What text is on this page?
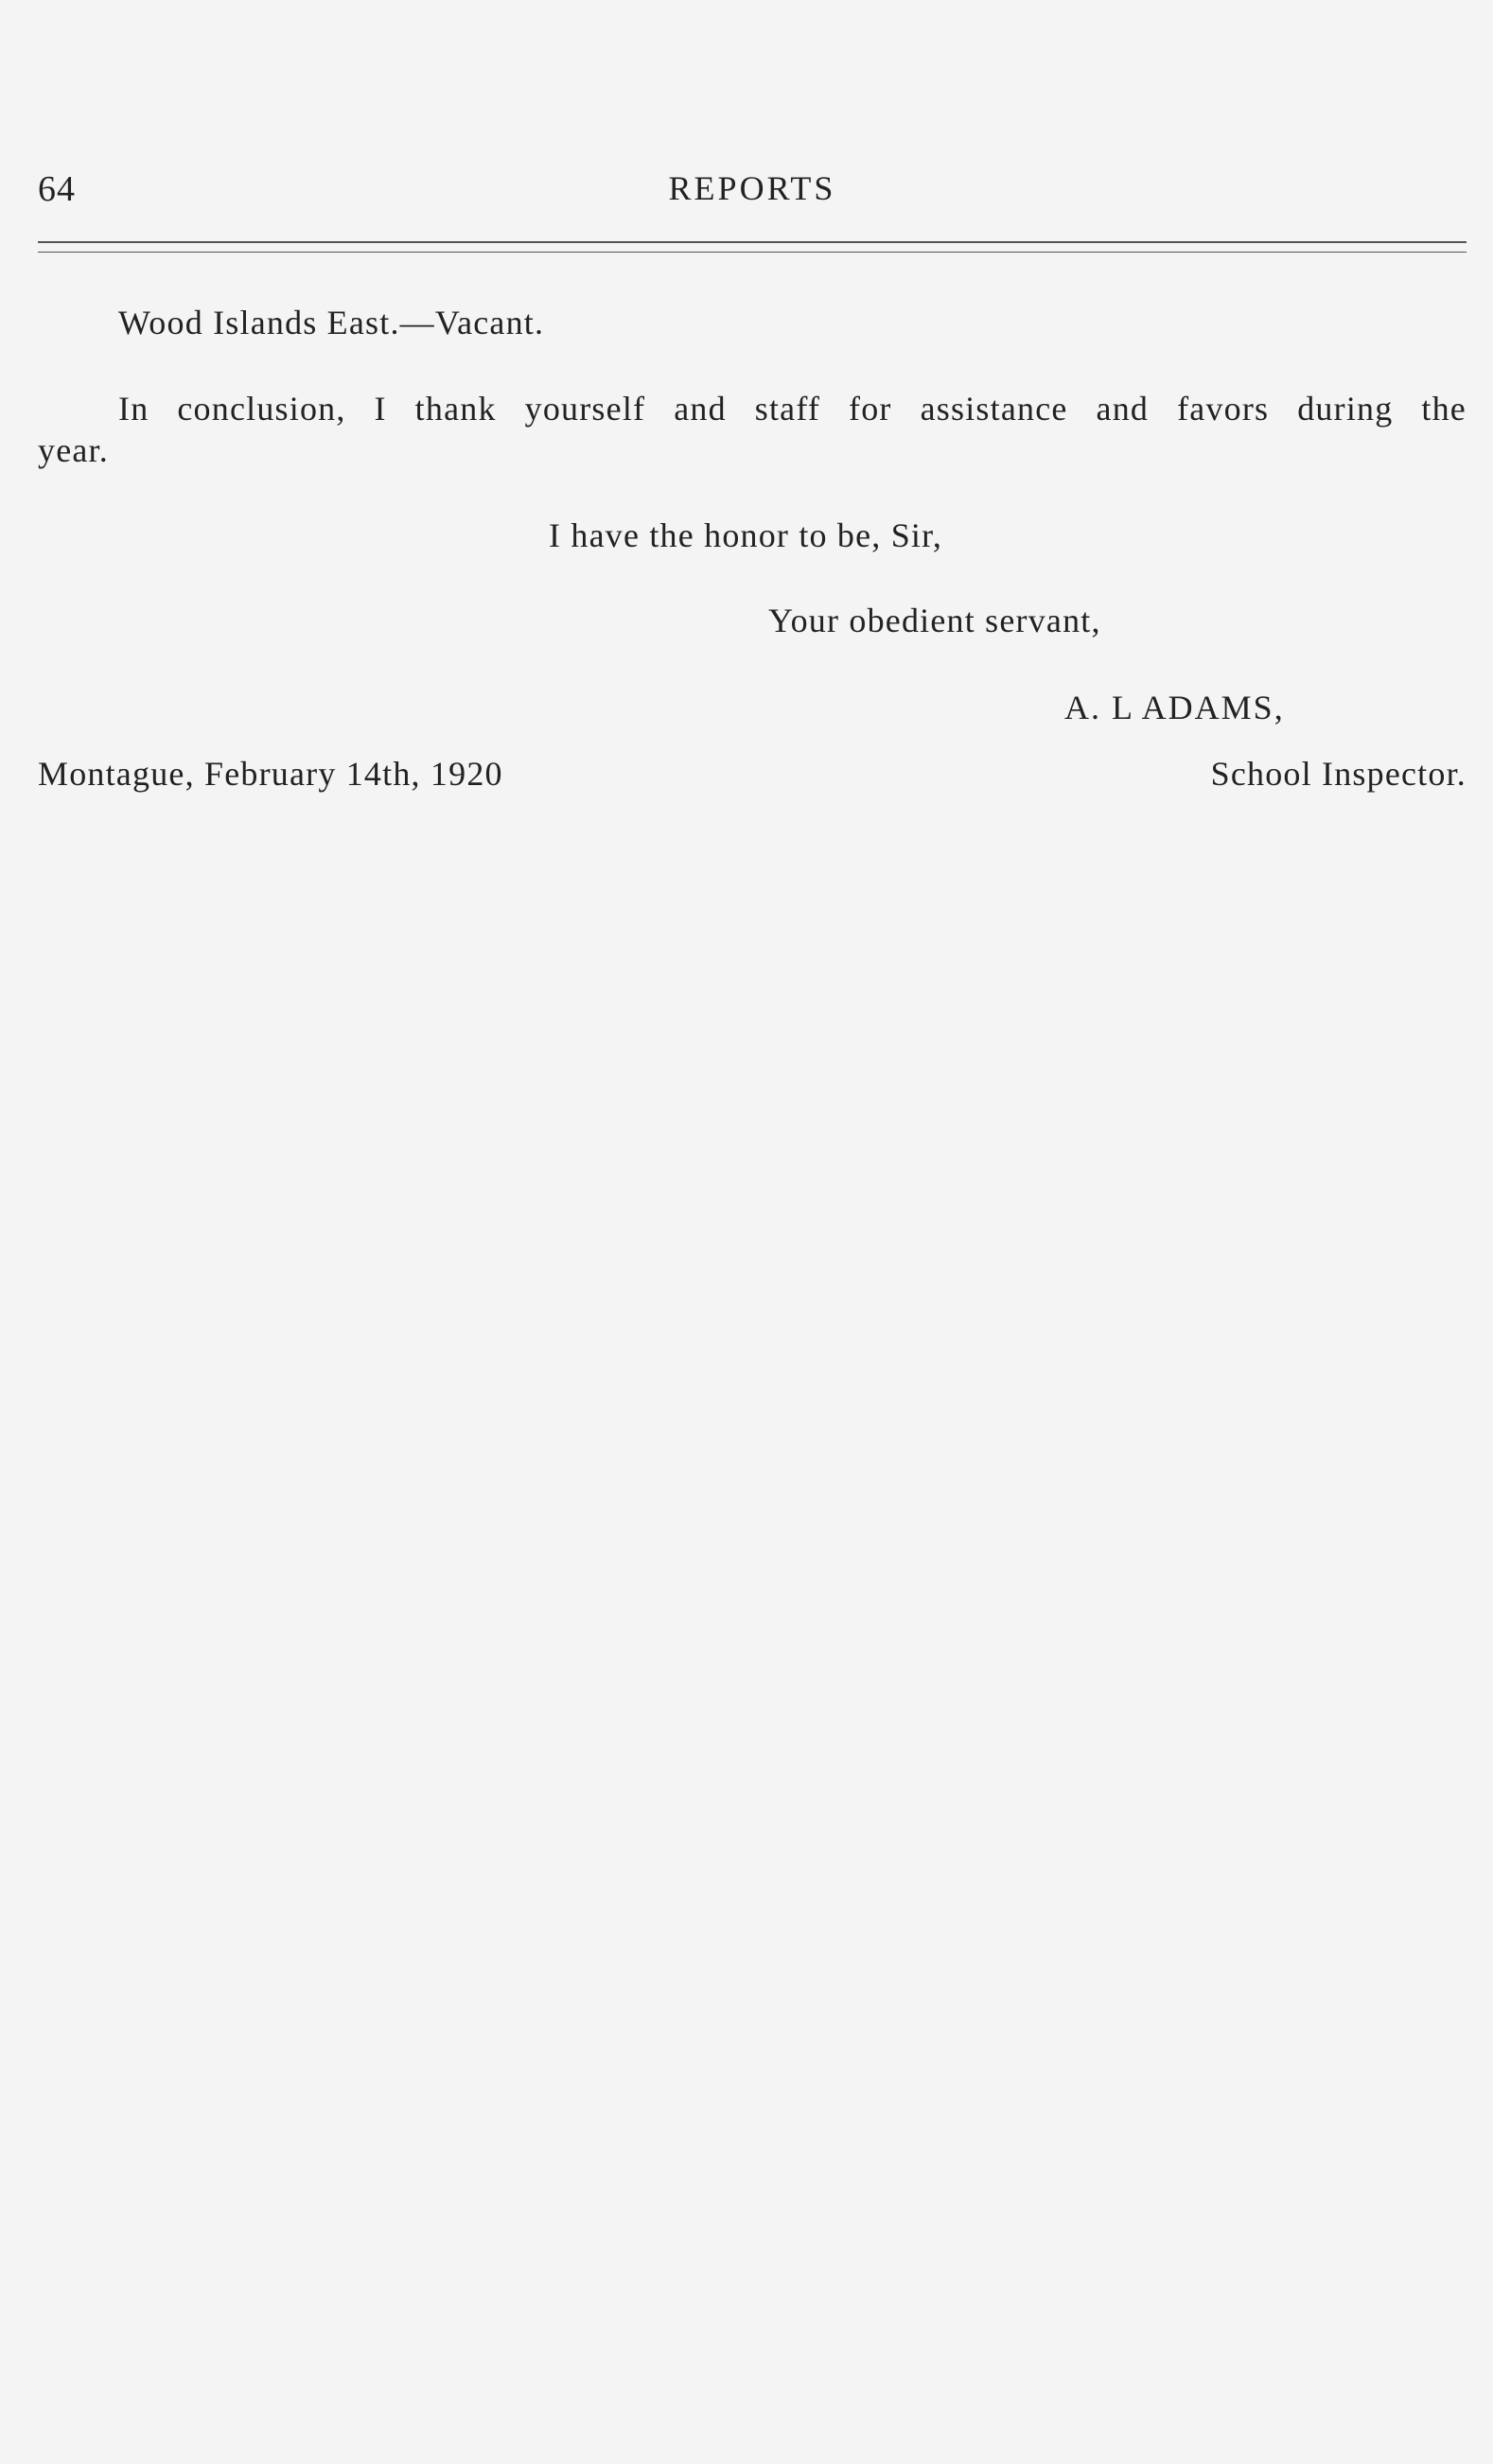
64	REPORTS
Wood Islands East.—Vacant.
In conclusion, I thank yourself and staff for assistance and favors during the
year.
I have the honor to be, Sir,
Your obedient servant,
A. L ADAMS,
Montague, February 14th, 1920	School Inspector.
